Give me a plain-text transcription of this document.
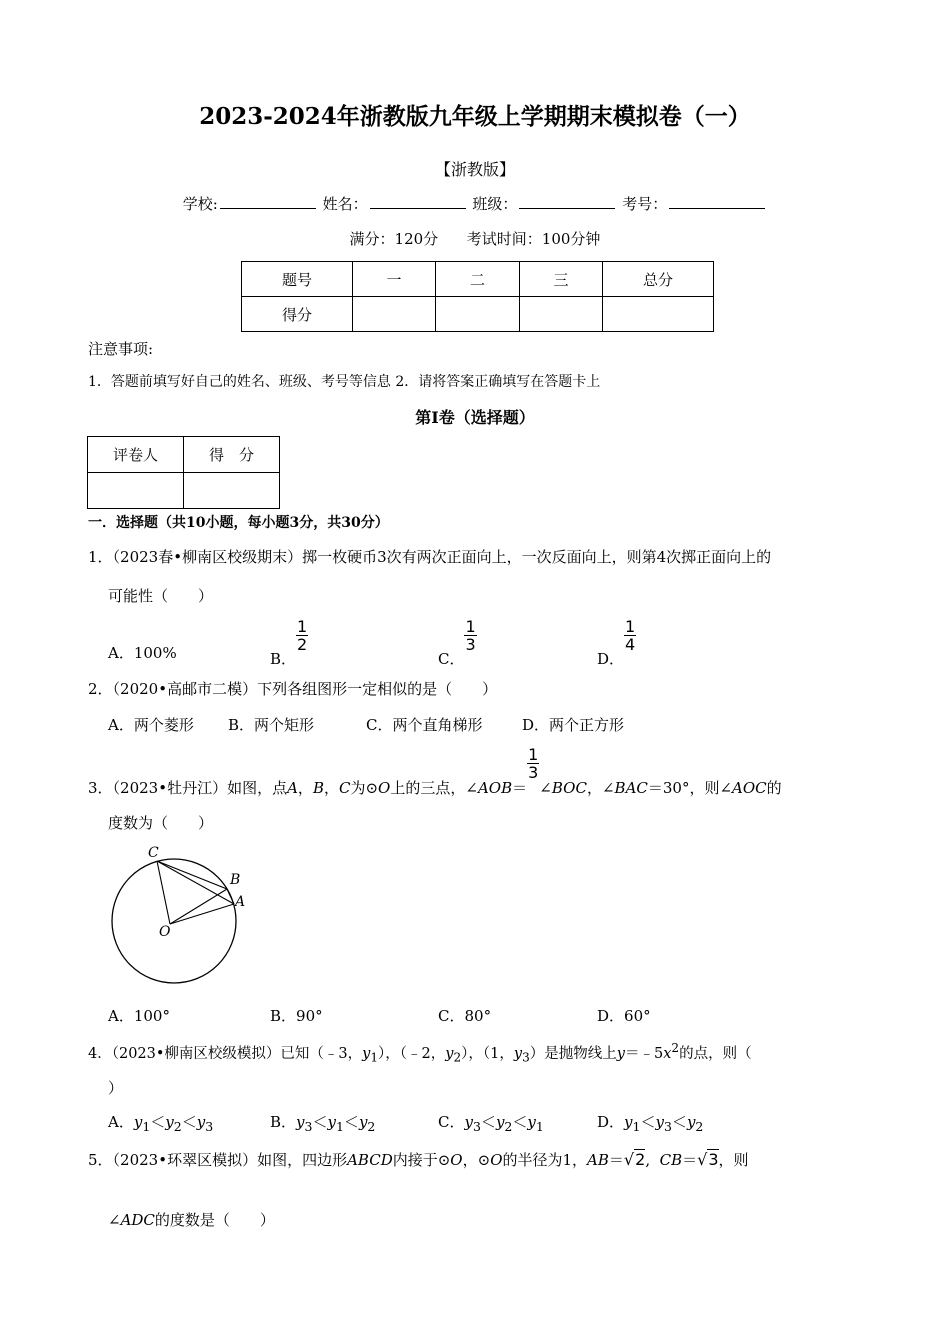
2023-2024年浙教版九年级上学期期末模拟卷（一）
【浙教版】
学校:	姓名：	班级：	考号：
满分：120分 考试时间：100分钟
题号	一	二	三	总分
得分				
注意事项:
1．答题前填写好自己的姓名、班级、考号等信息 2．请将答案正确填写在答题卡上
第Ⅰ卷（选择题）
评卷人	得　分

一．选择题（共10小题，每小题3分，共30分）
1．（2023春•柳南区校级期末）掷一枚硬币3次有两次正面向上，一次反面向上，则第4次掷正面向上的
可能性（　　）
A．100%	B．
$\frac{1}{2}$
C．
$\frac{1}{3}$
D．
$\frac{1}{4}$
2．（2020•高邮市二模）下列各组图形一定相似的是（　　）
A．两个菱形 B．两个矩形	C．两个直角梯形	D．两个正方形
3．（2023•牡丹江）如图，点A，B，C为⊙O上的三点，∠AOB＝
$\frac{1}{3}$
∠BOC，∠BAC＝30°，则∠AOC的
度数为（　　）
C
B
A
O
A．100°	B．90°	C．80°	D．60°
4．（2023•柳南区校级模拟）已知（﹣3，$y_1$），（﹣2，$y_2$），（1，$y_3$）是抛物线上$y=﹣5x^2$的点，则（
）
A．$y_1<y_2<y_3$	B．$y_3<y_1<y_2$	C．$y_3<y_2<y_1$	D．$y_1<y_3<y_2$
5．（2023•环翠区模拟）如图，四边形ABCD内接于⊙O，⊙O的半径为1，AB＝√2, CB＝√3，则
∠ADC的度数是（　　）
